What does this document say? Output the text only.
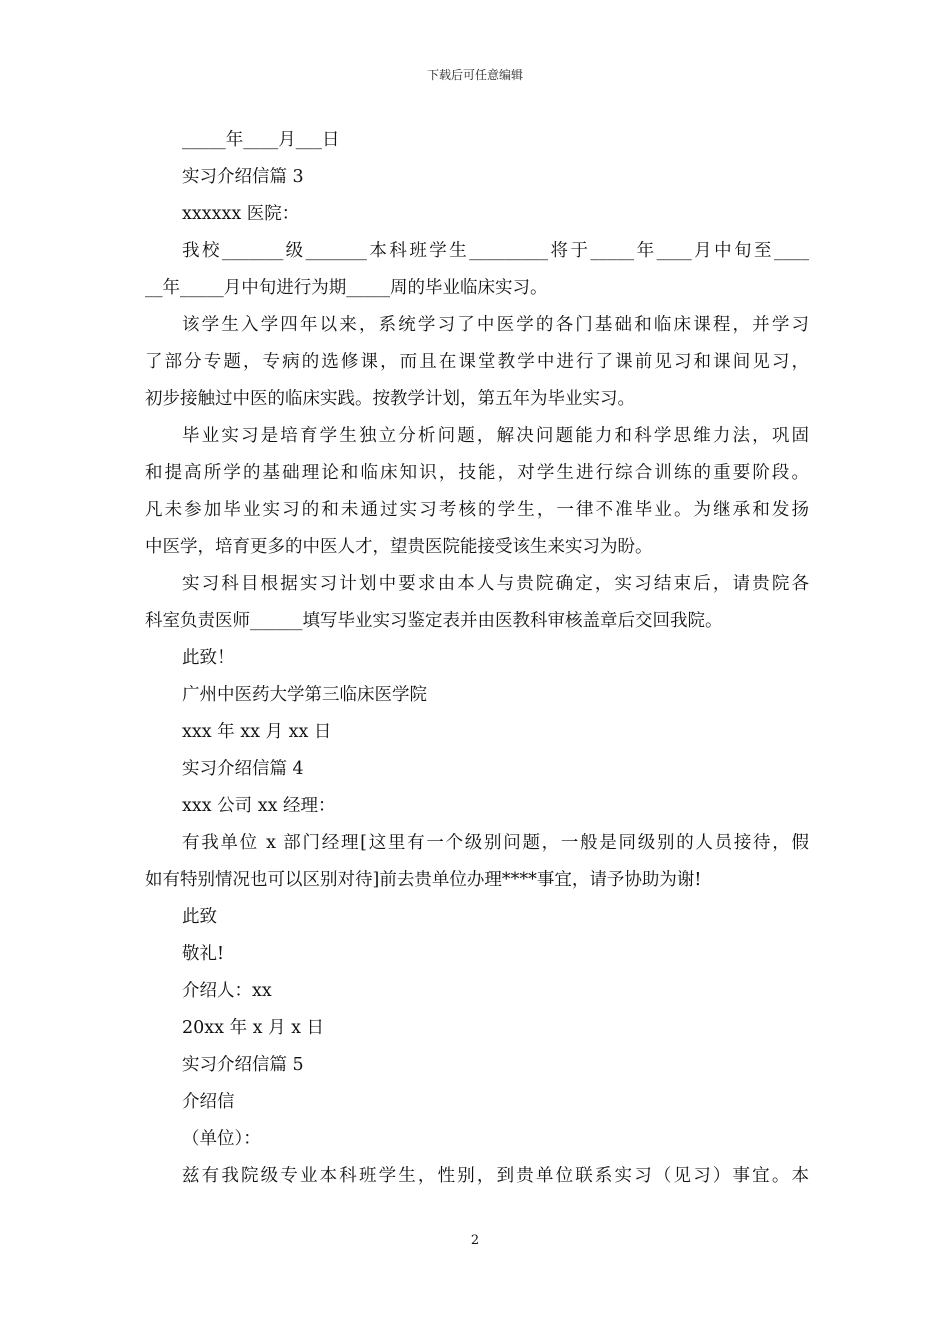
下载后可任意编辑
_____年____月___日
实习介绍信篇 3
xxxxxx 医院：
我校_______级_______本科班学生_________将于_____年____月中旬至____
__年_____月中旬进行为期_____周的毕业临床实习。
该学生入学四年以来，系统学习了中医学的各门基础和临床课程，并学习
了部分专题，专病的选修课，而且在课堂教学中进行了课前见习和课间见习，
初步接触过中医的临床实践。按教学计划，第五年为毕业实习。
毕业实习是培育学生独立分析问题，解决问题能力和科学思维力法，巩固
和提高所学的基础理论和临床知识，技能，对学生进行综合训练的重要阶段。
凡未参加毕业实习的和未通过实习考核的学生，一律不准毕业。为继承和发扬
中医学，培育更多的中医人才，望贵医院能接受该生来实习为盼。
实习科目根据实习计划中要求由本人与贵院确定，实习结束后，请贵院各
科室负责医师______填写毕业实习鉴定表并由医教科审核盖章后交回我院。
此致！
广州中医药大学第三临床医学院
xxx 年 xx 月 xx 日
实习介绍信篇 4
xxx 公司 xx 经理：
有我单位 x 部门经理[这里有一个级别问题，一般是同级别的人员接待，假
如有特别情况也可以区别对待]前去贵单位办理****事宜，请予协助为谢!
此致
敬礼!
介绍人：xx
20xx 年 x 月 x 日
实习介绍信篇 5
介绍信
（单位）：
兹有我院级专业本科班学生，性别，到贵单位联系实习（见习）事宜。本
2
